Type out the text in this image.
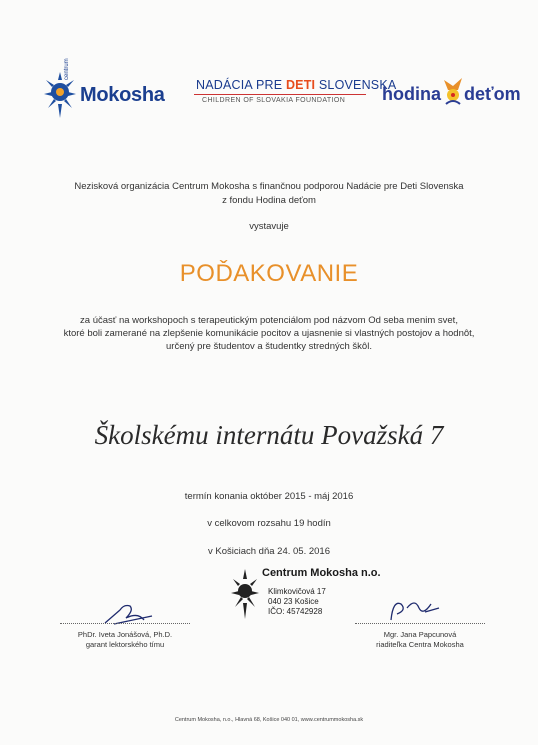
centrum
Mokosha	NADÁCIA PRE DETI SLOVENSKA
CHILDREN OF SLOVAKIA FOUNDATION hodina deťom
Nezisková organizácia Centrum Mokosha s finančnou podporou Nadácie pre Deti Slovenska
z fondu Hodina deťom
vystavuje
POĎAKOVANIE
za účasť na workshopoch s terapeutickým potenciálom pod názvom Od seba menim svet,
ktoré boli zamerané na zlepšenie komunikácie pocitov a ujasnenie si vlastných postojov a hodnôt,
určený pre študentov a študentky stredných škôl.
Školskému internátu Považská 7
termín konania október 2015 - máj 2016
v celkovom rozsahu 19 hodín
v Košiciach dňa 24. 05. 2016
Centrum Mokosha n.o.
Klimkovičová 17
040 23 Košice
IČO: 45742928
PhDr. Iveta Jonášová, Ph.D.
garant lektorského tímu
Mgr. Jana Papcunová
riaditeľka Centra Mokosha
Centrum Mokosha, n.o., Hlavná 68, Košice 040 01, www.centrummokosha.sk
